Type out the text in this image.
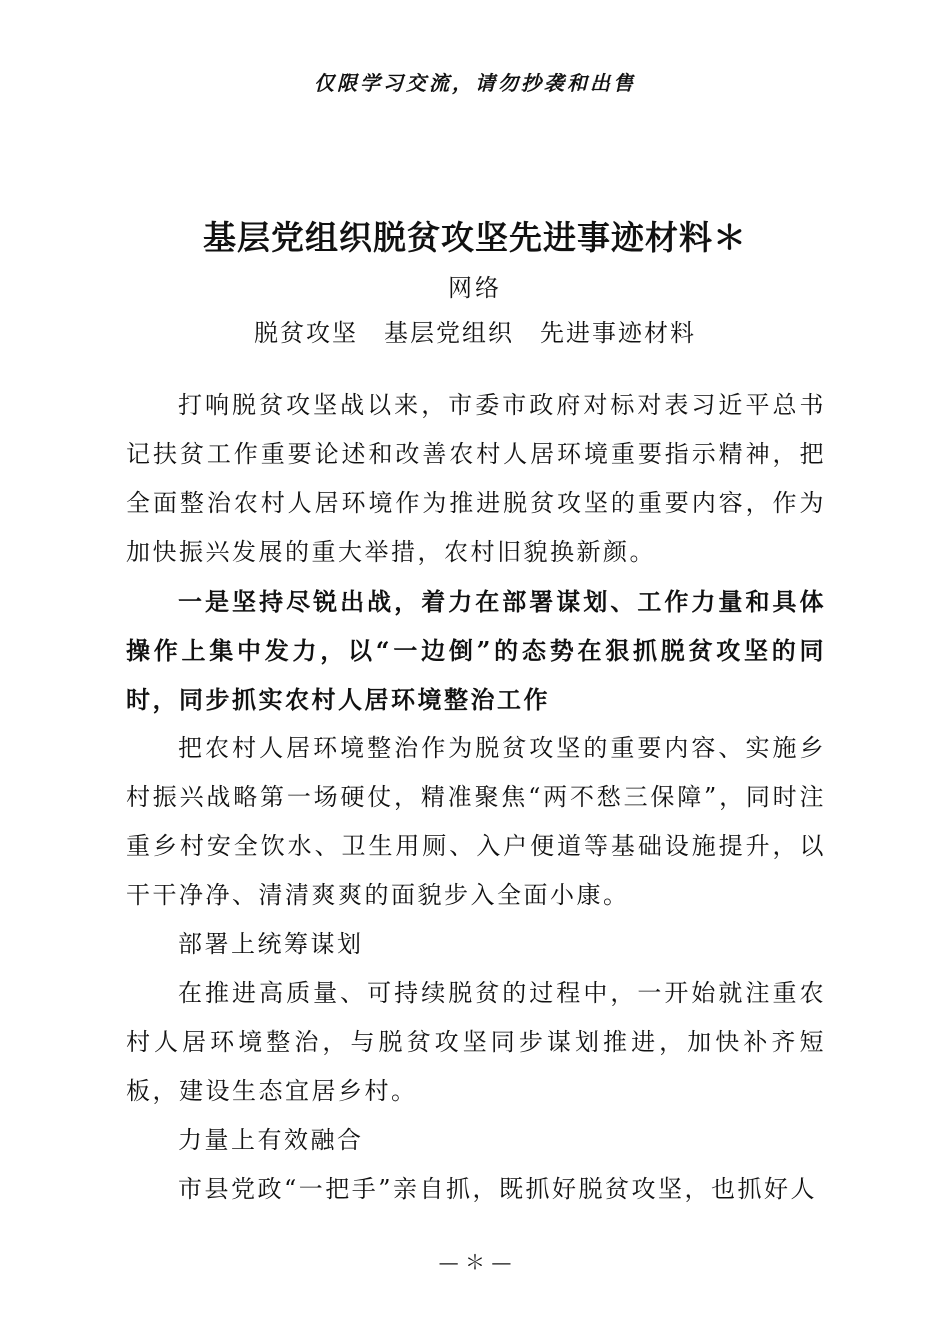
仅限学习交流，请勿抄袭和出售
基层党组织脱贫攻坚先进事迹材料＊
网络
脱贫攻坚 基层党组织 先进事迹材料

打响脱贫攻坚战以来，市委市政府对标对表习近平总书记扶贫工作重要论述和改善农村人居环境重要指示精神，把全面整治农村人居环境作为推进脱贫攻坚的重要内容，作为加快振兴发展的重大举措，农村旧貌换新颜。

一是坚持尽锐出战，着力在部署谋划、工作力量和具体操作上集中发力，以“一边倒”的态势在狠抓脱贫攻坚的同时，同步抓实农村人居环境整治工作

把农村人居环境整治作为脱贫攻坚的重要内容、实施乡村振兴战略第一场硬仗，精准聚焦“两不愁三保障”，同时注重乡村安全饮水、卫生用厕、入户便道等基础设施提升，以干干净净、清清爽爽的面貌步入全面小康。

部署上统筹谋划

在推进高质量、可持续脱贫的过程中，一开始就注重农村人居环境整治，与脱贫攻坚同步谋划推进，加快补齐短板，建设生态宜居乡村。

力量上有效融合

市县党政“一把手”亲自抓，既抓好脱贫攻坚，也抓好人

— ＊ —
